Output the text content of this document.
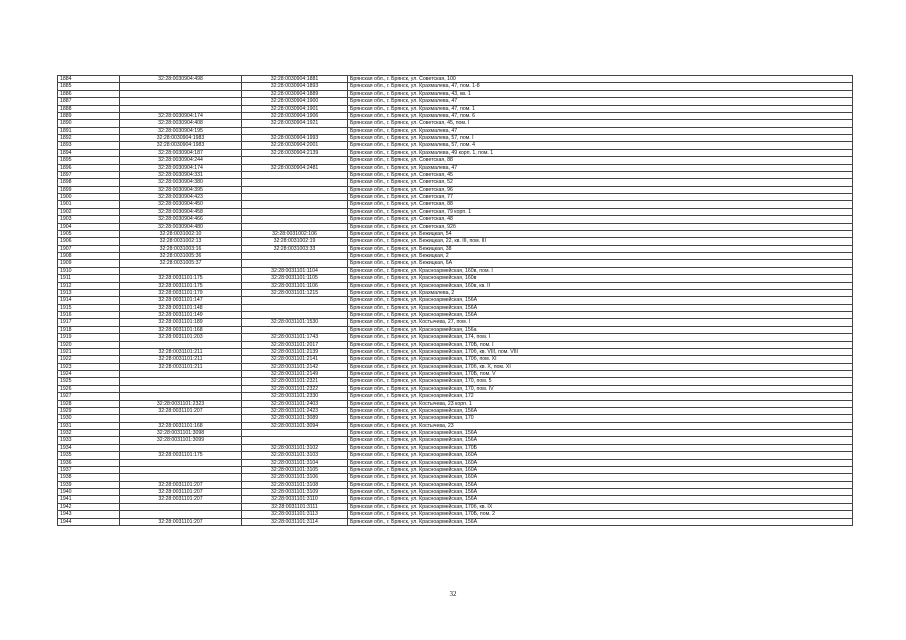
1884	32:28:0030904:498	32:28:0030904:1881	Брянская обл., г. Брянск, ул. Советская, 100
1885		32:28:0030904:1893	Брянская обл., г. Брянск, ул. Крахмалева, 47, пом. 1-8
1886		32:28:0030904:1889	Брянская обл., г. Брянск, ул. Крахмалева, 43, кв. 1
1887		32:28:0030904:1900	Брянская обл., г. Брянск, ул. Крахмалева, 47
1888		32:28:0030904:1901	Брянская обл., г. Брянск, ул. Крахмалева, 47, пом. 1
1889	32:28:0030904:174	32:28:0030904:1906	Брянская обл., г. Брянск, ул. Крахмалева, 47, пом. 6
1890	32:28:0030904:408	32:28:0030904:1921	Брянская обл., г. Брянск, ул. Советская, 45, пом. I
1891	32:28:0030904:195		Брянская обл., г. Брянск, ул. Крахмалева, 47
1892	32:28:0030904:1983	32:28:0030904:1993	Брянская обл., г. Брянск, ул. Крахмалева, 57, пом. I
1893	32:28:0030904:1983	32:28:0030904:2001	Брянская обл., г. Брянск, ул. Крахмалева, 57, пом. 4
1894	32:28:0030904:187	32:28:0030904:2139	Брянская обл., г. Брянск, ул. Крахмалева, 49 корп. 1, пом. 1
1895	32:28:0030904:244		Брянская обл., г. Брянск, ул. Советская, 88
1896	32:28:0030904:174	32:28:0030904:2481	Брянская обл., г. Брянск, ул. Крахмалева, 47
1897	32:28:0030904:331		Брянская обл., г. Брянск, ул. Советская, 45
1898	32:28:0030904:380		Брянская обл., г. Брянск, ул. Советская, 52
1899	32:28:0030904:395		Брянская обл., г. Брянск, ул. Советская, 96
1900	32:28:0030904:423		Брянская обл., г. Брянск, ул. Советская, 77
1901	32:28:0030904:450		Брянская обл., г. Брянск, ул. Советская, 88
1902	32:28:0030904:458		Брянская обл., г. Брянск, ул. Советская, 79 корп. 1
1903	32:28:0030904:466		Брянская обл., г. Брянск, ул. Советская, 48
1904	32:28:0030904:480		Брянская обл., г. Брянск, ул. Советская, 92б
1905	32:28:0031002:10	32:28:0031002:106	Брянская обл., г. Брянск, ул. Бежицкая, 54
1906	32:28:0031002:13	32:28:0031002:19	Брянская обл., г. Брянск, ул. Бежицкая, 22, кв. III, пом. III
1907	32:28:0031003:16	32:28:0031003:33	Брянская обл., г. Брянск, ул. Бежицкая, 38
1908	32:28:0031005:36		Брянская обл., г. Брянск, ул. Бежицкая, 2
1909	32:28:0031005:37		Брянская обл., г. Брянск, ул. Бежицкая, 6А
1910		32:28:0031101:1104	Брянская обл., г. Брянск, ул. Красноармейская, 160в, пом. I
1911	32:28:0031101:175	32:28:0031101:1105	Брянская обл., г. Брянск, ул. Красноармейская, 160в
1912	32:28:0031101:175	32:28:0031101:1106	Брянская обл., г. Брянск, ул. Красноармейская, 160в, кв. II
1913	32:28:0031101:179	32:28:0031101:1215	Брянская обл., г. Брянск, ул. Крахмалева, 2
1914	32:28:0031101:147		Брянская обл., г. Брянск, ул. Красноармейская, 156А
1915	32:28:0031101:148		Брянская обл., г. Брянск, ул. Красноармейская, 156А
1916	32:28:0031101:149		Брянская обл., г. Брянск, ул. Красноармейская, 156А
1917	32:28:0031101:189	32:28:0031101:1530	Брянская обл., г. Брянск, ул. Костычева, 27, пом. I
1918	32:28:0031101:168		Брянская обл., г. Брянск, ул. Красноармейская, 156а
1919	32:28:0031101:203	32:28:0031101:1743	Брянская обл., г. Брянск, ул. Красноармейская, 174, пом. I
1920		32:28:0031101:2017	Брянская обл., г. Брянск, ул. Красноармейская, 170Б, пом. I
1921	32:28:0031101:211	32:28:0031101:2139	Брянская обл., г. Брянск, ул. Красноармейская, 170б, кв. VIII, пом. VIII
1922	32:28:0031101:211	32:28:0031101:2141	Брянская обл., г. Брянск, ул. Красноармейская, 170б, пом. XI
1923	32:28:0031101:211	32:28:0031101:2142	Брянская обл., г. Брянск, ул. Красноармейская, 170б, кв. X, пом. XI
1924		32:28:0031101:2149	Брянская обл., г. Брянск, ул. Красноармейская, 170Б, пом. V
1925		32:28:0031101:2321	Брянская обл., г. Брянск, ул. Красноармейская, 170, пом. 5
1926		32:28:0031101:2322	Брянская обл., г. Брянск, ул. Красноармейская, 170, пом. IV
1927		32:28:0031101:2330	Брянская обл., г. Брянск, ул. Красноармейская, 172
1928	32:28:0031101:2323	32:28:0031101:2403	Брянская обл., г. Брянск, ул. Костычева, 23 корп. 1
1929	32:28:0031101:207	32:28:0031101:2423	Брянская обл., г. Брянск, ул. Красноармейская, 156А
1930		32:28:0031101:3089	Брянская обл., г. Брянск, ул. Красноармейская, 170
1931	32:28:0031101:168	32:28:0031101:3094	Брянская обл., г. Брянск, ул. Костычева, 23
1932	32:28:0031101:3098		Брянская обл., г. Брянск, ул. Красноармейская, 156А
1933	32:28:0031101:3099		Брянская обл., г. Брянск, ул. Красноармейская, 156А
1934		32:28:0031101:3102	Брянская обл., г. Брянск, ул. Красноармейская, 170Б
1935	32:28:0031101:175	32:28:0031101:3103	Брянская обл., г. Брянск, ул. Красноармейская, 160А
1936		32:28:0031101:3104	Брянская обл., г. Брянск, ул. Красноармейская, 160А
1937		32:28:0031101:3105	Брянская обл., г. Брянск, ул. Красноармейская, 160А
1938		32:28:0031101:3106	Брянская обл., г. Брянск, ул. Красноармейская, 160А
1939	32:28:0031101:207	32:28:0031101:3108	Брянская обл., г. Брянск, ул. Красноармейская, 156А
1940	32:28:0031101:207	32:28:0031101:3109	Брянская обл., г. Брянск, ул. Красноармейская, 156А
1941	32:28:0031101:207	32:28:0031101:3110	Брянская обл., г. Брянск, ул. Красноармейская, 156А
1942		32:28:0031101:3111	Брянская обл., г. Брянск, ул. Красноармейская, 170б, кв. IX
1943		32:28:0031101:3113	Брянская обл., г. Брянск, ул. Красноармейская, 170Б, пом. 2
1944	32:28:0031101:207	32:28:0031101:3114	Брянская обл., г. Брянск, ул. Красноармейская, 156А
32
